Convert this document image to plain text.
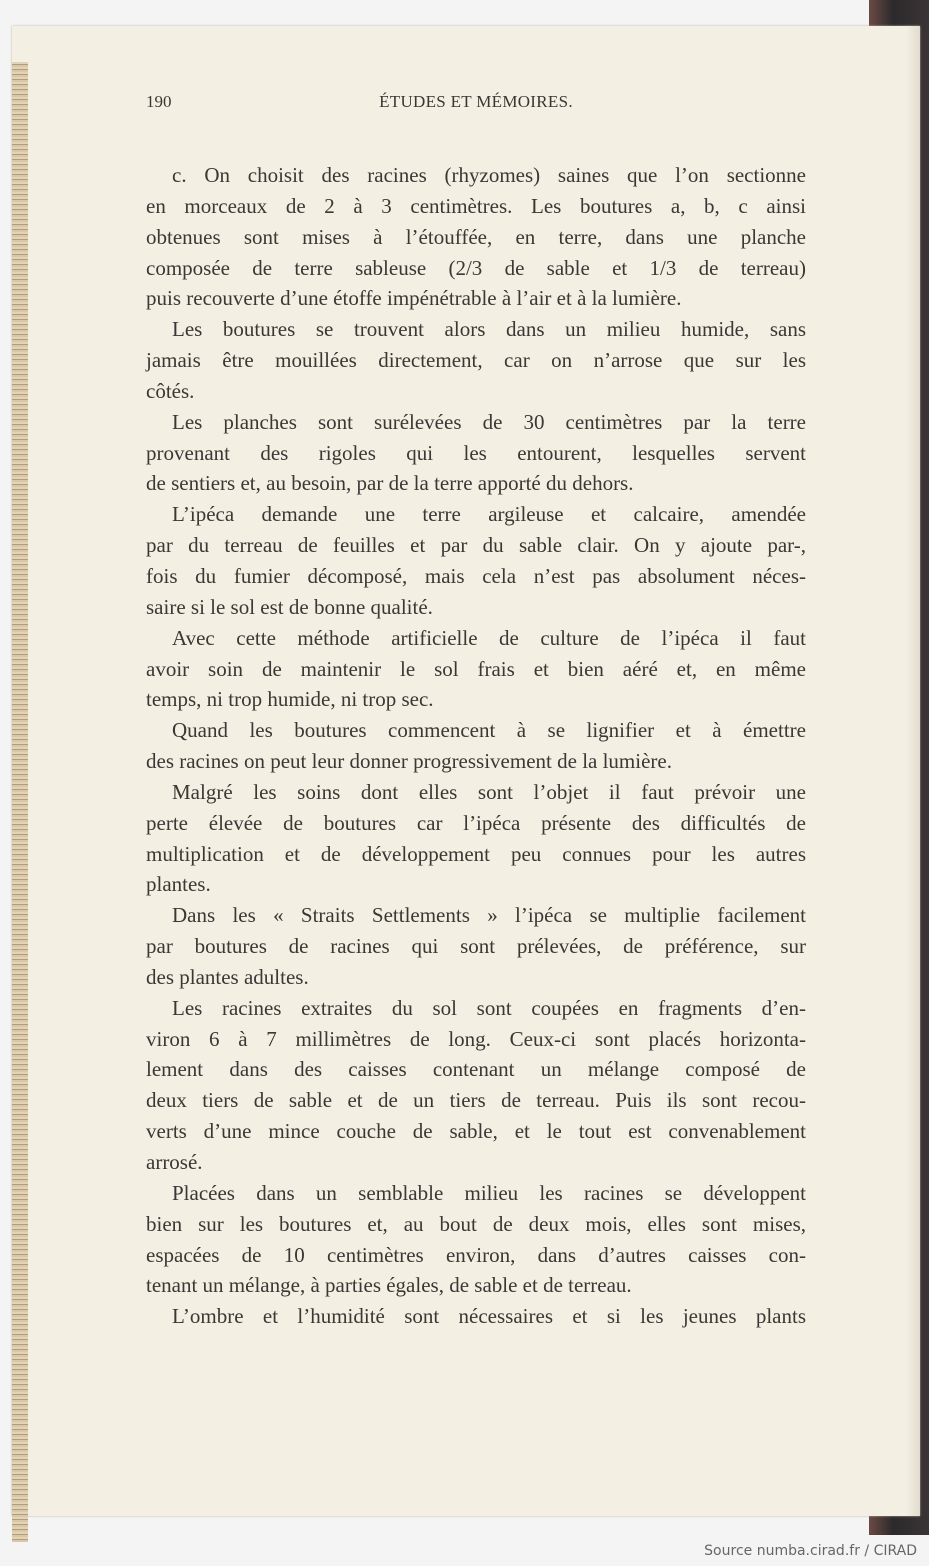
190	ÉTUDES ET MÉMOIRES.
c. On choisit des racines (rhyzomes) saines que l’on sectionne
en morceaux de 2 à 3 centimètres. Les boutures a, b, c ainsi
obtenues sont mises à l’étouffée, en terre, dans une planche
composée de terre sableuse (2/3 de sable et 1/3 de terreau)
puis recouverte d’une étoffe impénétrable à l’air et à la lumière.
Les boutures se trouvent alors dans un milieu humide, sans
jamais être mouillées directement, car on n’arrose que sur les
côtés.
Les planches sont surélevées de 30 centimètres par la terre
provenant des rigoles qui les entourent, lesquelles servent
de sentiers et, au besoin, par de la terre apporté du dehors.
L’ipéca demande une terre argileuse et calcaire, amendée
par du terreau de feuilles et par du sable clair. On y ajoute par-,
fois du fumier décomposé, mais cela n’est pas absolument néces-
saire si le sol est de bonne qualité.
Avec cette méthode artificielle de culture de l’ipéca il faut
avoir soin de maintenir le sol frais et bien aéré et, en même
temps, ni trop humide, ni trop sec.
Quand les boutures commencent à se lignifier et à émettre
des racines on peut leur donner progressivement de la lumière.
Malgré les soins dont elles sont l’objet il faut prévoir une
perte élevée de boutures car l’ipéca présente des difficultés de
multiplication et de développement peu connues pour les autres
plantes.
Dans les « Straits Settlements » l’ipéca se multiplie facilement
par boutures de racines qui sont prélevées, de préférence, sur
des plantes adultes.
Les racines extraites du sol sont coupées en fragments d’en-
viron 6 à 7 millimètres de long. Ceux-ci sont placés horizonta-
lement dans des caisses contenant un mélange composé de
deux tiers de sable et de un tiers de terreau. Puis ils sont recou-
verts d’une mince couche de sable, et le tout est convenablement
arrosé.
Placées dans un semblable milieu les racines se développent
bien sur les boutures et, au bout de deux mois, elles sont mises,
espacées de 10 centimètres environ, dans d’autres caisses con-
tenant un mélange, à parties égales, de sable et de terreau.
L’ombre et l’humidité sont nécessaires et si les jeunes plants
Source numba.cirad.fr / CIRAD
